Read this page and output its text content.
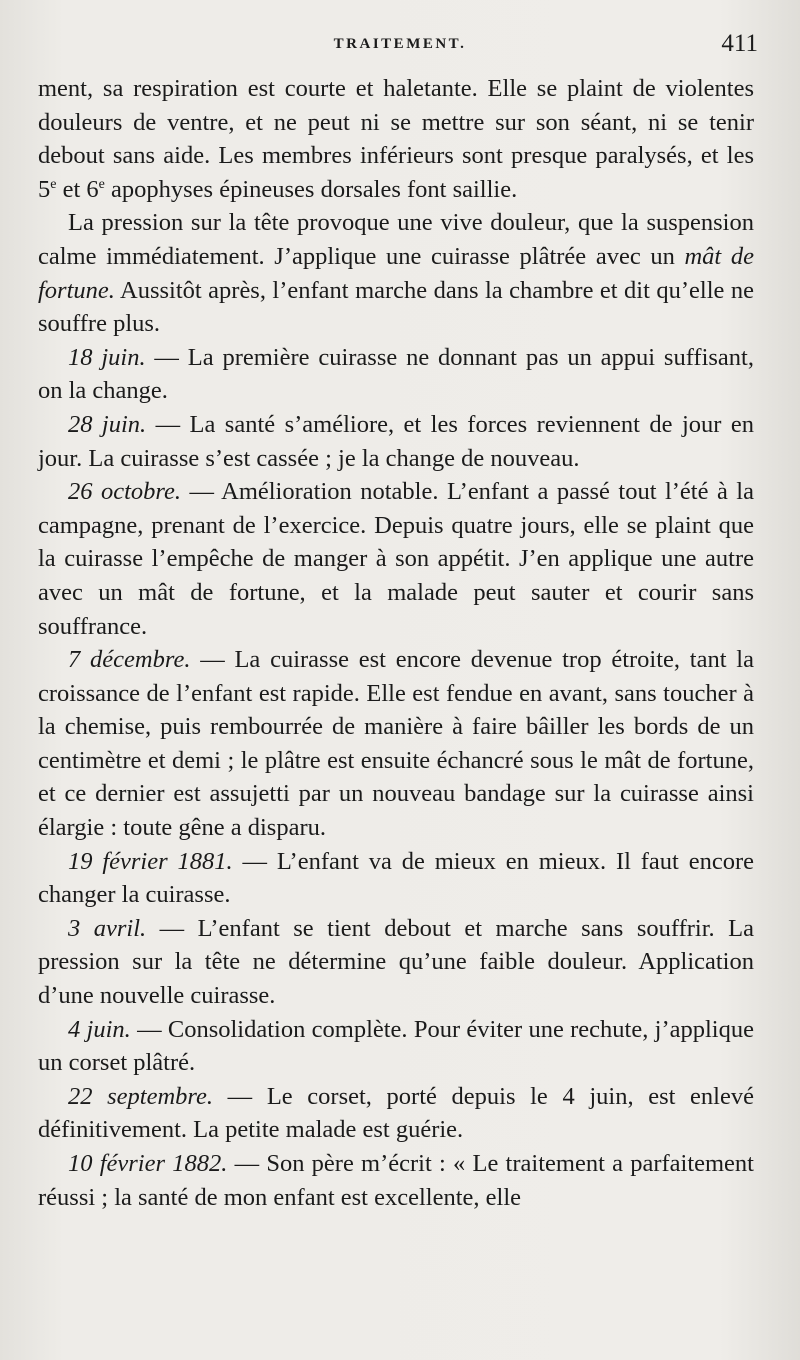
TRAITEMENT.	411

ment, sa respiration est courte et haletante. Elle se plaint de violentes douleurs de ventre, et ne peut ni se mettre sur son séant, ni se tenir debout sans aide. Les membres inférieurs sont presque paralysés, et les 5e et 6e apophyses épineuses dorsales font saillie.

La pression sur la tête provoque une vive douleur, que la suspension calme immédiatement. J’applique une cuirasse plâtrée avec un mât de fortune. Aussitôt après, l’enfant marche dans la chambre et dit qu’elle ne souffre plus.

18 juin. — La première cuirasse ne donnant pas un appui suffisant, on la change.

28 juin. — La santé s’améliore, et les forces reviennent de jour en jour. La cuirasse s’est cassée ; je la change de nouveau.

26 octobre. — Amélioration notable. L’enfant a passé tout l’été à la campagne, prenant de l’exercice. Depuis quatre jours, elle se plaint que la cuirasse l’empêche de manger à son appétit. J’en applique une autre avec un mât de fortune, et la malade peut sauter et courir sans souffrance.

7 décembre. — La cuirasse est encore devenue trop étroite, tant la croissance de l’enfant est rapide. Elle est fendue en avant, sans toucher à la chemise, puis rembourrée de manière à faire bâiller les bords de un centimètre et demi ; le plâtre est ensuite échancré sous le mât de fortune, et ce dernier est assujetti par un nouveau bandage sur la cuirasse ainsi élargie : toute gêne a disparu.

19 février 1881. — L’enfant va de mieux en mieux. Il faut encore changer la cuirasse.

3 avril. — L’enfant se tient debout et marche sans souffrir. La pression sur la tête ne détermine qu’une faible douleur. Application d’une nouvelle cuirasse.

4 juin. — Consolidation complète. Pour éviter une rechute, j’applique un corset plâtré.

22 septembre. — Le corset, porté depuis le 4 juin, est enlevé définitivement. La petite malade est guérie.

10 février 1882. — Son père m’écrit : « Le traitement a parfaitement réussi ; la santé de mon enfant est excellente, elle
